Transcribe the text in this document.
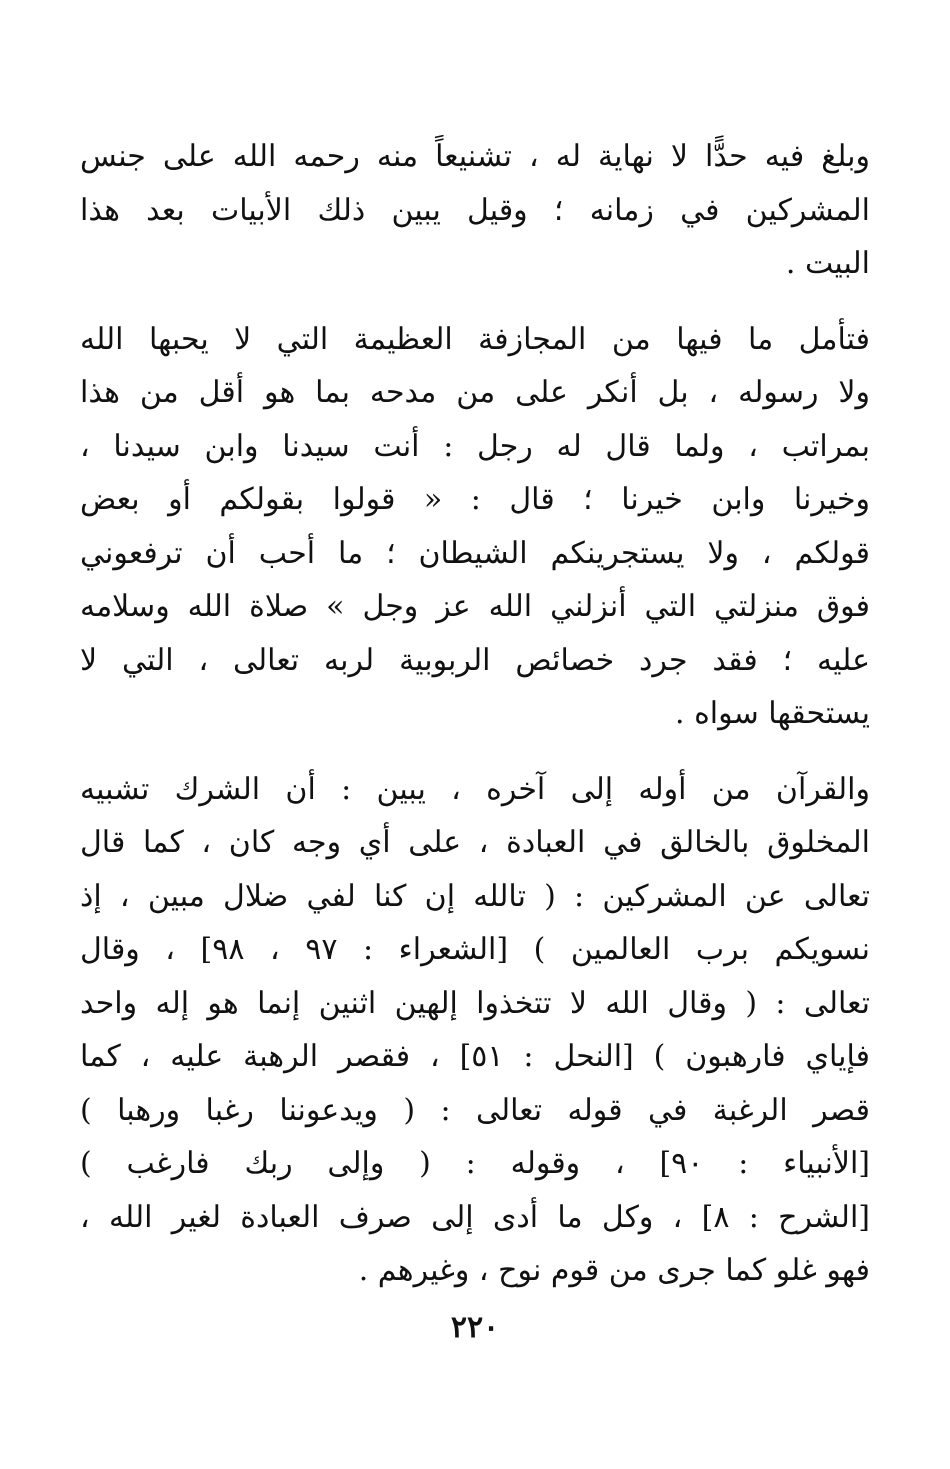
وبلغ فيه حدًّا لا نهاية له ، تشنيعاً منه رحمه الله على جنس
المشركين في زمانه ؛ وقيل يبين ذلك الأبيات بعد هذا
البيت .
فتأمل ما فيها من المجازفة العظيمة التي لا يحبها الله
ولا رسوله ، بل أنكر على من مدحه بما هو أقل من هذا
بمراتب ، ولما قال له رجل : أنت سيدنا وابن سيدنا ،
وخيرنا وابن خيرنا ؛ قال : « قولوا بقولكم أو بعض
قولكم ، ولا يستجرينكم الشيطان ؛ ما أحب أن ترفعوني
فوق منزلتي التي أنزلني الله عز وجل » صلاة الله وسلامه
عليه ؛ فقد جرد خصائص الربوبية لربه تعالى ، التي لا
يستحقها سواه .
والقرآن من أوله إلى آخره ، يبين : أن الشرك تشبيه
المخلوق بالخالق في العبادة ، على أي وجه كان ، كما قال
تعالى عن المشركين : ( تالله إن كنا لفي ضلال مبين ، إذ
نسويكم برب العالمين ) [الشعراء : ٩٧ ، ٩٨] ، وقال
تعالى : ( وقال الله لا تتخذوا إلهين اثنين إنما هو إله واحد
فإياي فارهبون ) [النحل : ٥١] ، فقصر الرهبة عليه ، كما
قصر الرغبة في قوله تعالى : ( ويدعوننا رغبا ورهبا )
[الأنبياء : ٩٠] ، وقوله : ( وإلى ربك فارغب )
[الشرح : ٨] ، وكل ما أدى إلى صرف العبادة لغير الله ،
فهو غلو كما جرى من قوم نوح ، وغيرهم .
٢٢٠
